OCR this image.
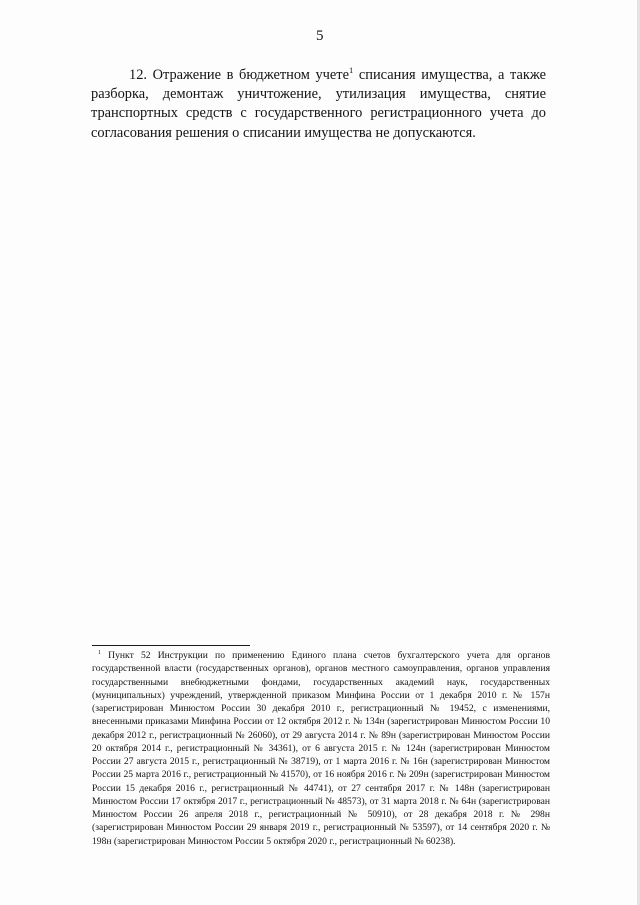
5

12. Отражение в бюджетном учете$^1$ списания имущества, а также разборка, демонтаж уничтожение, утилизация имущества, снятие транспортных средств с государственного регистрационного учета до согласования решения о списании имущества не допускаются.

$^1$ Пункт 52 Инструкции по применению Единого плана счетов бухгалтерского учета для органов государственной власти (государственных органов), органов местного самоуправления, органов управления государственными внебюджетными фондами, государственных академий наук, государственных (муниципальных) учреждений, утвержденной приказом Минфина России от 1 декабря 2010 г. № 157н (зарегистрирован Минюстом России 30 декабря 2010 г., регистрационный № 19452, с изменениями, внесенными приказами Минфина России от 12 октября 2012 г. № 134н (зарегистрирован Минюстом России 10 декабря 2012 г., регистрационный № 26060), от 29 августа 2014 г. № 89н (зарегистрирован Минюстом России 20 октября 2014 г., регистрационный № 34361), от 6 августа 2015 г. № 124н (зарегистрирован Минюстом России 27 августа 2015 г., регистрационный № 38719), от 1 марта 2016 г. № 16н (зарегистрирован Минюстом России 25 марта 2016 г., регистрационный № 41570), от 16 ноября 2016 г. № 209н (зарегистрирован Минюстом России 15 декабря 2016 г., регистрационный № 44741), от 27 сентября 2017 г. № 148н (зарегистрирован Минюстом России 17 октября 2017 г., регистрационный № 48573), от 31 марта 2018 г. № 64н (зарегистрирован Минюстом России 26 апреля 2018 г., регистрационный № 50910), от 28 декабря 2018 г. № 298н (зарегистрирован Минюстом России 29 января 2019 г., регистрационный № 53597), от 14 сентября 2020 г. № 198н (зарегистрирован Минюстом России 5 октября 2020 г., регистрационный № 60238).
